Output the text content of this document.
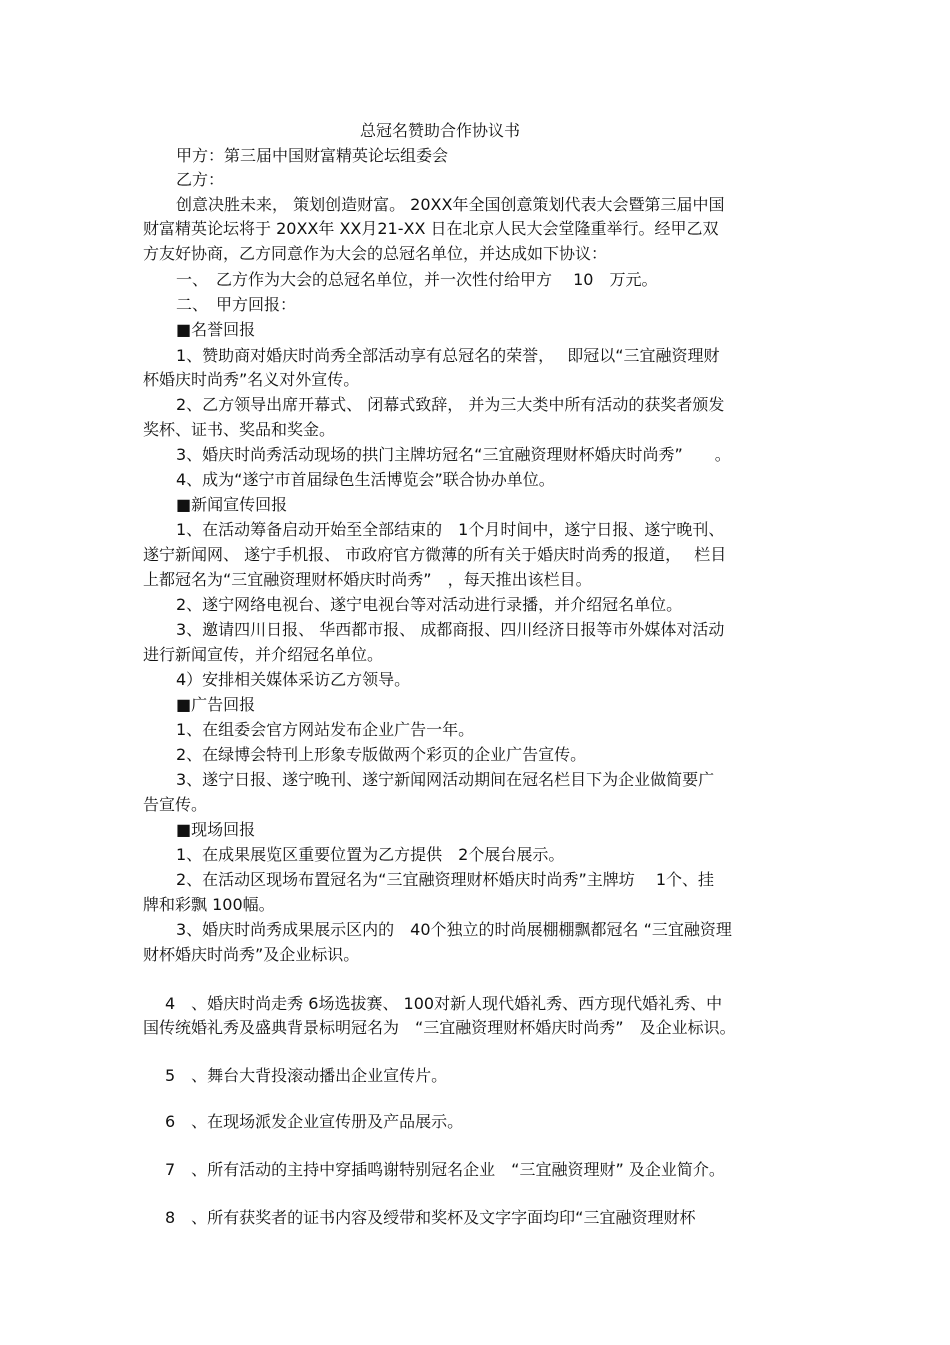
总冠名赞助合作协议书
甲方：第三届中国财富精英论坛组委会
乙方：
创意决胜未来， 策划创造财富。 20XX年全国创意策划代表大会暨第三届中国
财富精英论坛将于 20XX年 XX月21-XX 日在北京人民大会堂隆重举行。经甲乙双
方友好协商，乙方同意作为大会的总冠名单位，并达成如下协议：
一、　乙方作为大会的总冠名单位，并一次性付给甲方　 10　万元。
二、　甲方回报：
■名誉回报
1、赞助商对婚庆时尚秀全部活动享有总冠名的荣誉，　 即冠以“三宜融资理财
杯婚庆时尚秀”名义对外宣传。
2、乙方领导出席开幕式、 闭幕式致辞， 并为三大类中所有活动的获奖者颁发
奖杯、证书、奖品和奖金。
3、婚庆时尚秀活动现场的拱门主牌坊冠名“三宜融资理财杯婚庆时尚秀”　　。
4、成为“遂宁市首届绿色生活博览会”联合协办单位。
■新闻宣传回报
1、在活动筹备启动开始至全部结束的　1个月时间中，遂宁日报、遂宁晚刊、
遂宁新闻网、 遂宁手机报、 市政府官方微薄的所有关于婚庆时尚秀的报道，　 栏目
上都冠名为“三宜融资理财杯婚庆时尚秀”　，每天推出该栏目。
2、遂宁网络电视台、遂宁电视台等对活动进行录播，并介绍冠名单位。
3、邀请四川日报、 华西都市报、 成都商报、四川经济日报等市外媒体对活动
进行新闻宣传，并介绍冠名单位。
4）安排相关媒体采访乙方领导。
■广告回报
1、在组委会官方网站发布企业广告一年。
2、在绿博会特刊上形象专版做两个彩页的企业广告宣传。
3、遂宁日报、遂宁晚刊、遂宁新闻网活动期间在冠名栏目下为企业做简要广
告宣传。
■现场回报
1、在成果展览区重要位置为乙方提供　2个展台展示。
2、在活动区现场布置冠名为“三宜融资理财杯婚庆时尚秀”主牌坊　 1个、挂
牌和彩飘 100幅。
3、婚庆时尚秀成果展示区内的　40个独立的时尚展棚棚飘都冠名 “三宜融资理
财杯婚庆时尚秀”及企业标识。
4　、婚庆时尚走秀 6场选拔赛、 100对新人现代婚礼秀、西方现代婚礼秀、中
国传统婚礼秀及盛典背景标明冠名为　“三宜融资理财杯婚庆时尚秀”　及企业标识。
5　、舞台大背投滚动播出企业宣传片。
6　、在现场派发企业宣传册及产品展示。
7　、所有活动的主持中穿插鸣谢特别冠名企业　“三宜融资理财” 及企业简介。
8　、所有获奖者的证书内容及绶带和奖杯及文字字面均印“三宜融资理财杯
